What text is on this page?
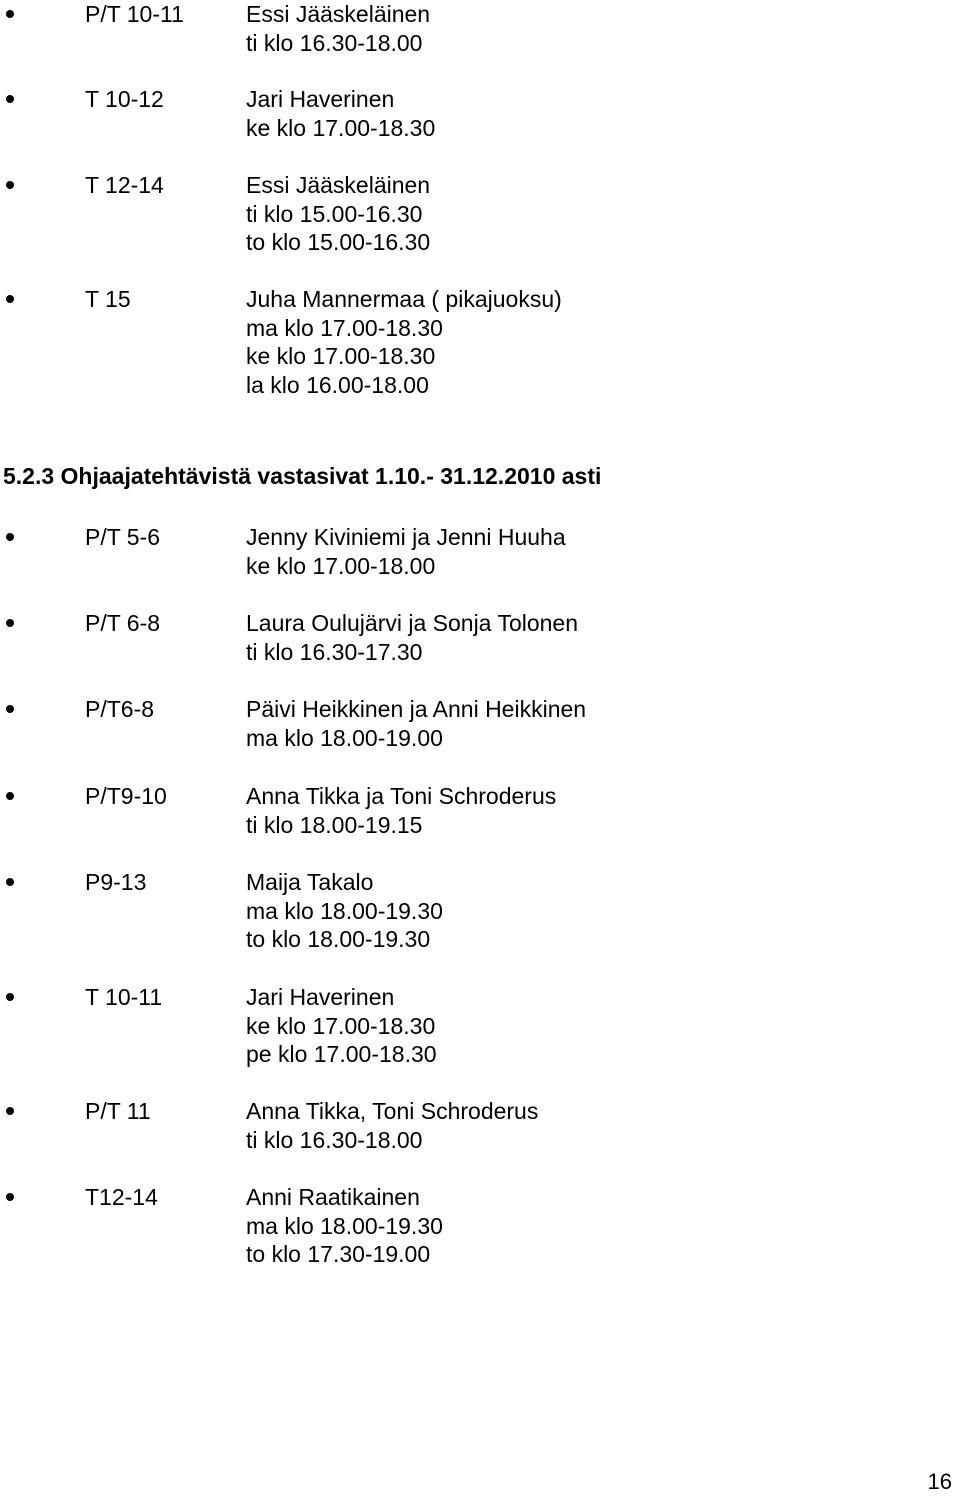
P/T 10-11	Essi Jääskeläinen
ti klo 16.30-18.00
T 10-12	Jari Haverinen
ke klo 17.00-18.30
T 12-14	Essi Jääskeläinen
ti klo 15.00-16.30
to klo 15.00-16.30
T 15	Juha Mannermaa ( pikajuoksu)
ma klo 17.00-18.30
ke klo 17.00-18.30
la klo 16.00-18.00
5.2.3 Ohjaajatehtävistä vastasivat 1.10.- 31.12.2010 asti
P/T 5-6	Jenny Kiviniemi ja Jenni Huuha
ke klo 17.00-18.00
P/T 6-8	Laura Oulujärvi ja Sonja Tolonen
ti klo 16.30-17.30
P/T6-8	Päivi Heikkinen ja Anni Heikkinen
ma klo 18.00-19.00
P/T9-10	Anna Tikka ja Toni Schroderus
ti klo 18.00-19.15
P9-13	Maija Takalo
ma klo 18.00-19.30
to klo 18.00-19.30
T 10-11	Jari Haverinen
ke klo 17.00-18.30
pe klo 17.00-18.30
P/T 11	Anna Tikka, Toni Schroderus
ti klo 16.30-18.00
T12-14	Anni Raatikainen
ma klo 18.00-19.30
to klo 17.30-19.00
16
